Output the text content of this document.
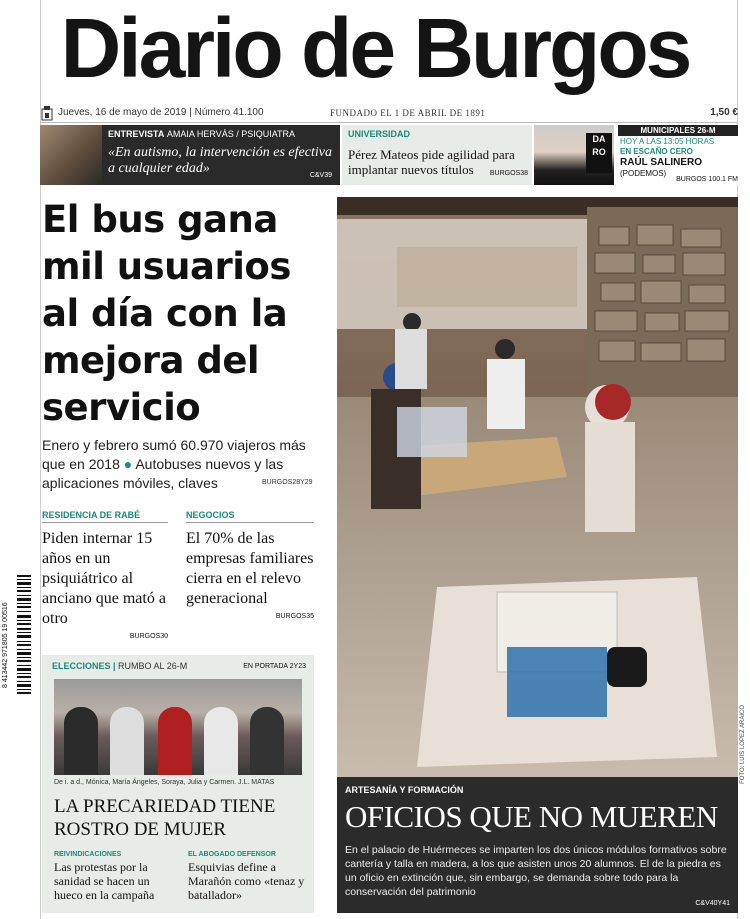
Diario de Burgos
Jueves, 16 de mayo de 2019 | Número 41.100	FUNDADO EL 1 DE ABRIL DE 1891	1,50 €
ENTREVISTA AMAIA HERVÁS / PSIQUIATRA
«En autismo, la intervención es efectiva a cualquier edad»	C&V39
UNIVERSIDAD
Pérez Mateos pide agilidad para implantar nuevos títulos	BURGOS38
DA RO
MUNICIPALES 26-M
HOY A LAS 13:05 HORAS
EN ESCAÑO CERO
RAÚL SALINERO
(PODEMOS)
BURGOS 100.1 FM
El bus gana mil usuarios al día con la mejora del servicio

Enero y febrero sumó 60.970 viajeros más que en 2018 ● Autobuses nuevos y las aplicaciones móviles, claves	BURGOS28Y29
RESIDENCIA DE RABÉ
Piden internar 15 años en un psiquiátrico al anciano que mató a otro
BURGOS30
NEGOCIOS
El 70% de las empresas familiares cierra en el relevo generacional
BURGOS35
8 413442 971805 19 00516	ELECCIONES | RUMBO AL 26-M	EN PORTADA 2Y23
De i. a d., Mónica, María Ángeles, Soraya, Julia y Carmen. J.L. MATAS
LA PRECARIEDAD TIENE ROSTRO DE MUJER
REIVINDICACIONES
Las protestas por la sanidad se hacen un hueco en la campaña
EL ABOGADO DEFENSOR
Esquivias define a Marañón como «tenaz y batallador»
FOTO: LUIS LÓPEZ ARAICO
ARTESANÍA Y FORMACIÓN
OFICIOS QUE NO MUEREN
En el palacio de Huérmeces se imparten los dos únicos módulos formativos sobre cantería y talla en madera, a los que asisten unos 20 alumnos. El de la piedra es un oficio en extinción que, sin embargo, se demanda sobre todo para la conservación del patrimonio
C&V40Y41
